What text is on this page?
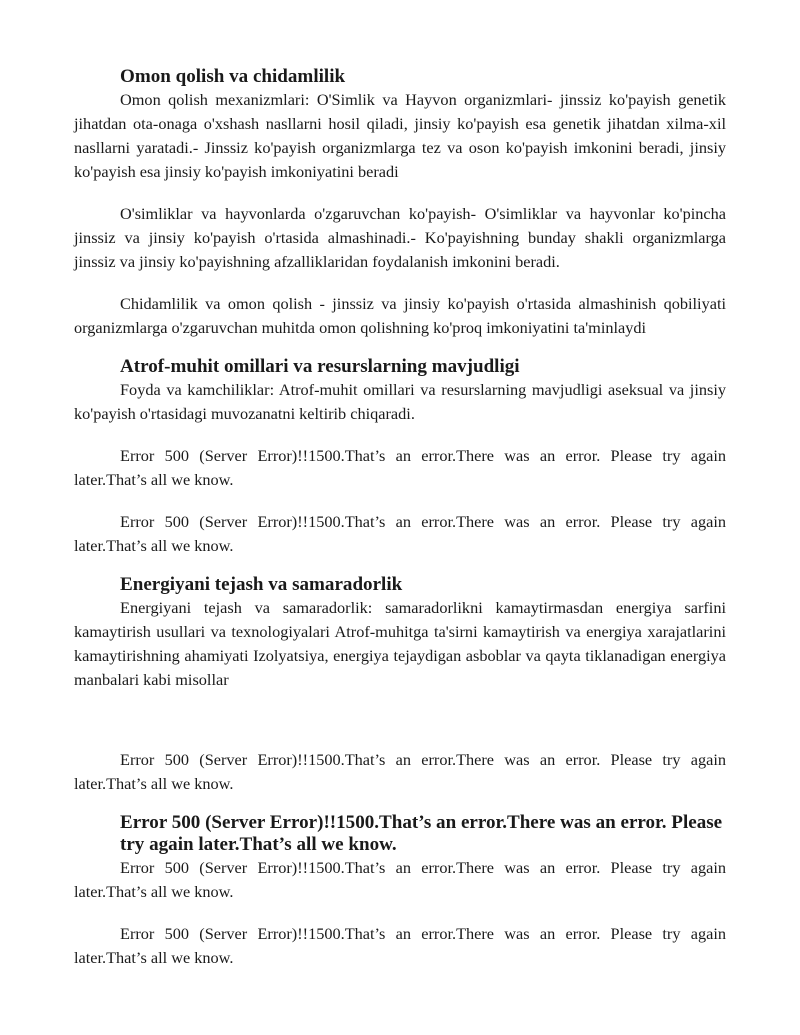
Omon qolish va chidamlilik

Omon qolish mexanizmlari: O'Simlik va Hayvon organizmlari- jinssiz ko'payish genetik jihatdan ota-onaga o'xshash nasllarni hosil qiladi, jinsiy ko'payish esa genetik jihatdan xilma-xil nasllarni yaratadi.- Jinssiz ko'payish organizmlarga tez va oson ko'payish imkonini beradi, jinsiy ko'payish esa jinsiy ko'payish imkoniyatini beradi

O'simliklar va hayvonlarda o'zgaruvchan ko'payish- O'simliklar va hayvonlar ko'pincha jinssiz va jinsiy ko'payish o'rtasida almashinadi.- Ko'payishning bunday shakli organizmlarga jinssiz va jinsiy ko'payishning afzalliklaridan foydalanish imkonini beradi.

Chidamlilik va omon qolish - jinssiz va jinsiy ko'payish o'rtasida almashinish qobiliyati organizmlarga o'zgaruvchan muhitda omon qolishning ko'proq imkoniyatini ta'minlaydi

Atrof-muhit omillari va resurslarning mavjudligi

Foyda va kamchiliklar: Atrof-muhit omillari va resurslarning mavjudligi aseksual va jinsiy ko'payish o'rtasidagi muvozanatni keltirib chiqaradi.

Error 500 (Server Error)!!1500.That’s an error.There was an error. Please try again later.That’s all we know.

Error 500 (Server Error)!!1500.That’s an error.There was an error. Please try again later.That’s all we know.

Energiyani tejash va samaradorlik

Energiyani tejash va samaradorlik: samaradorlikni kamaytirmasdan energiya sarfini kamaytirish usullari va texnologiyalari Atrof-muhitga ta'sirni kamaytirish va energiya xarajatlarini kamaytirishning ahamiyati Izolyatsiya, energiya tejaydigan asboblar va qayta tiklanadigan energiya manbalari kabi misollar

Error 500 (Server Error)!!1500.That’s an error.There was an error. Please try again later.That’s all we know.

Error 500 (Server Error)!!1500.That’s an error.There was an error. Please try again later.That’s all we know.

Error 500 (Server Error)!!1500.That’s an error.There was an error. Please try again later.That’s all we know.

Error 500 (Server Error)!!1500.That’s an error.There was an error. Please try again later.That’s all we know.
